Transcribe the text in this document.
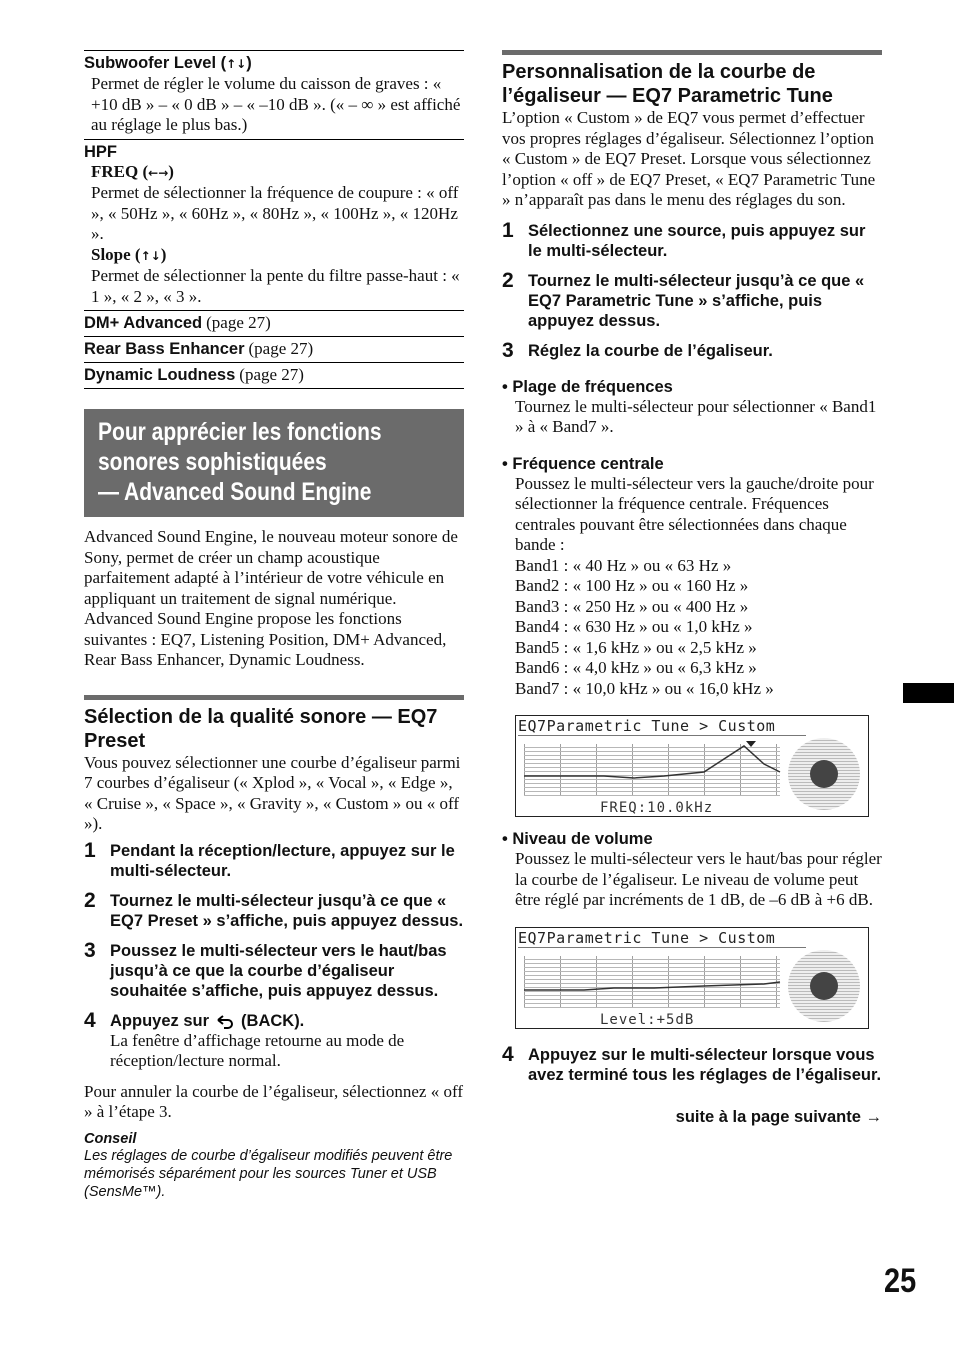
Subwoofer Level (↑↓)

Permet de régler le volume du caisson de graves : « +10 dB » – « 0 dB » – « –10 dB ». (« – ∞ » est affiché au réglage le plus bas.)

HPF
FREQ (←→)

Permet de sélectionner la fréquence de coupure : « off », « 50Hz », « 60Hz », « 80Hz », « 100Hz », « 120Hz ».

Slope (↑↓)

Permet de sélectionner la pente du filtre passe-haut : « 1 », « 2 », « 3 ».

DM+ Advanced (page 27)
Rear Bass Enhancer (page 27)
Dynamic Loudness (page 27)
Pour apprécier les fonctions
sonores sophistiquées
— Advanced Sound Engine

Advanced Sound Engine, le nouveau moteur sonore de Sony, permet de créer un champ acoustique parfaitement adapté à l’intérieur de votre véhicule en appliquant un traitement de signal numérique. Advanced Sound Engine propose les fonctions suivantes : EQ7, Listening Position, DM+ Advanced, Rear Bass Enhancer, Dynamic Loudness.

Sélection de la qualité sonore — EQ7 Preset

Vous pouvez sélectionner une courbe d’égaliseur parmi 7 courbes d’égaliseur (« Xplod », « Vocal », « Edge », « Cruise », « Space », « Gravity », « Custom » ou « off »).

1 Pendant la réception/lecture, appuyez sur le multi-sélecteur.
2 Tournez le multi-sélecteur jusqu’à ce que « EQ7 Preset » s’affiche, puis appuyez dessus.
3 Poussez le multi-sélecteur vers le haut/bas jusqu’à ce que la courbe d’égaliseur souhaitée s’affiche, puis appuyez dessus.
4 Appuyez sur (BACK).

La fenêtre d’affichage retourne au mode de réception/lecture normal.

Pour annuler la courbe de l’égaliseur, sélectionnez « off » à l’étape 3.

Conseil
Les réglages de courbe d’égaliseur modifiés peuvent être mémorisés séparément pour les sources Tuner et USB (SensMe™).

Personnalisation de la courbe de l’égaliseur — EQ7 Parametric Tune

L’option « Custom » de EQ7 vous permet d’effectuer vos propres réglages d’égaliseur. Sélectionnez l’option « Custom » de EQ7 Preset. Lorsque vous sélectionnez l’option « off » de EQ7 Preset, « EQ7 Parametric Tune » n’apparaît pas dans le menu des réglages du son.

1 Sélectionnez une source, puis appuyez sur le multi-sélecteur.
2 Tournez le multi-sélecteur jusqu’à ce que « EQ7 Parametric Tune » s’affiche, puis appuyez dessus.
3 Réglez la courbe de l’égaliseur.
• Plage de fréquences

Tournez le multi-sélecteur pour sélectionner « Band1 » à « Band7 ».

• Fréquence centrale

Poussez le multi-sélecteur vers la gauche/droite pour sélectionner la fréquence centrale. Fréquences centrales pouvant être sélectionnées dans chaque bande :

Band1 : « 40 Hz » ou « 63 Hz »

Band2 : « 100 Hz » ou « 160 Hz »

Band3 : « 250 Hz » ou « 400 Hz »

Band4 : « 630 Hz » ou « 1,0 kHz »

Band5 : « 1,6 kHz » ou « 2,5 kHz »

Band6 : « 4,0 kHz » ou « 6,3 kHz »

Band7 : « 10,0 kHz » ou « 16,0 kHz »

EQ7Parametric Tune > Custom
FREQ:10.0kHz
• Niveau de volume

Poussez le multi-sélecteur vers le haut/bas pour régler la courbe de l’égaliseur. Le niveau de volume peut être réglé par incréments de 1 dB, de –6 dB à +6 dB.

EQ7Parametric Tune > Custom
Level:+5dB
4 Appuyez sur le multi-sélecteur lorsque vous avez terminé tous les réglages de l’égaliseur.
suite à la page suivante →
25
